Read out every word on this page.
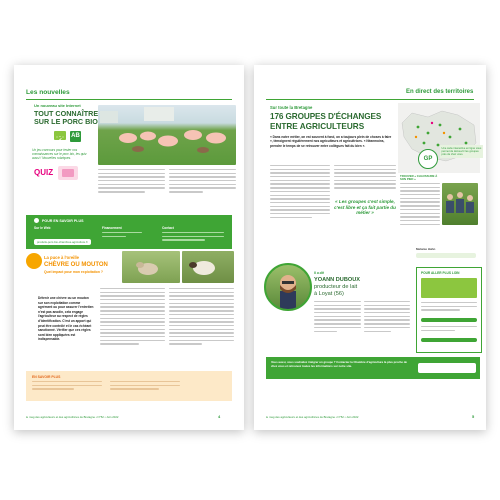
Les nouvelles
Un nouveau site Internet
TOUT CONNAÎTRE
SUR LE PORC BIO
AB
Un jeu-concours pour tester vos connaissances sur le porc bio, les quiz aussi ! Nouvelles rubriques.
QUIZ
POUR EN SAVOIR PLUS
Sur le Web
produits-porc-bio-chambres-agriculture.fr
Financement	Contact
La puce à l'oreille
CHÈVRE OU MOUTON
Quel impact pour mon exploitation ?
Détenir une chèvre ou un mouton sur son exploitation comme agrément ou pour assurer l'entretien n'est pas anodin, cela engage l'agriculteur au respect de règles d'identification. C'est un apport qui peut être contrôlé et le cas échéant sanctionné. Vérifier que ces règles sont bien appliquées est indispensable.
EN SAVOIR PLUS
le mag des agriculteurs et des agricultrices de Bretagne • N°52 • Juin 2022	4
En direct des territoires
Sur toute la Bretagne
176 GROUPES D'ÉCHANGES
ENTRE AGRICULTEURS
« Dans notre métier, on est souvent à fond, on a toujours plein de choses à faire », témoignent régulièrement nos agriculteurs et agricultrices. « Néanmoins, prendre le temps de se retrouver entre collègues fait du bien ».
GP
Une carte interactive en ligne vous permet de découvrir les groupes près de chez vous.
« Les groupes c'est simple, c'est libre et ça fait partie du métier »
TROUVER « CHAUSSURE À SON PIED »
Il a dit
YOANN DUBOUX
producteur de lait
à Loyat (56)
Melanie Hahn
POUR ALLER PLUS LOIN
Vous aussi, vous souhaitez intégrer un groupe ? Contactez la Chambre d'agriculture la plus proche de chez vous et retrouvez toutes les informations sur notre site.
le mag des agriculteurs et des agricultrices de Bretagne • N°52 • Juin 2022	5
